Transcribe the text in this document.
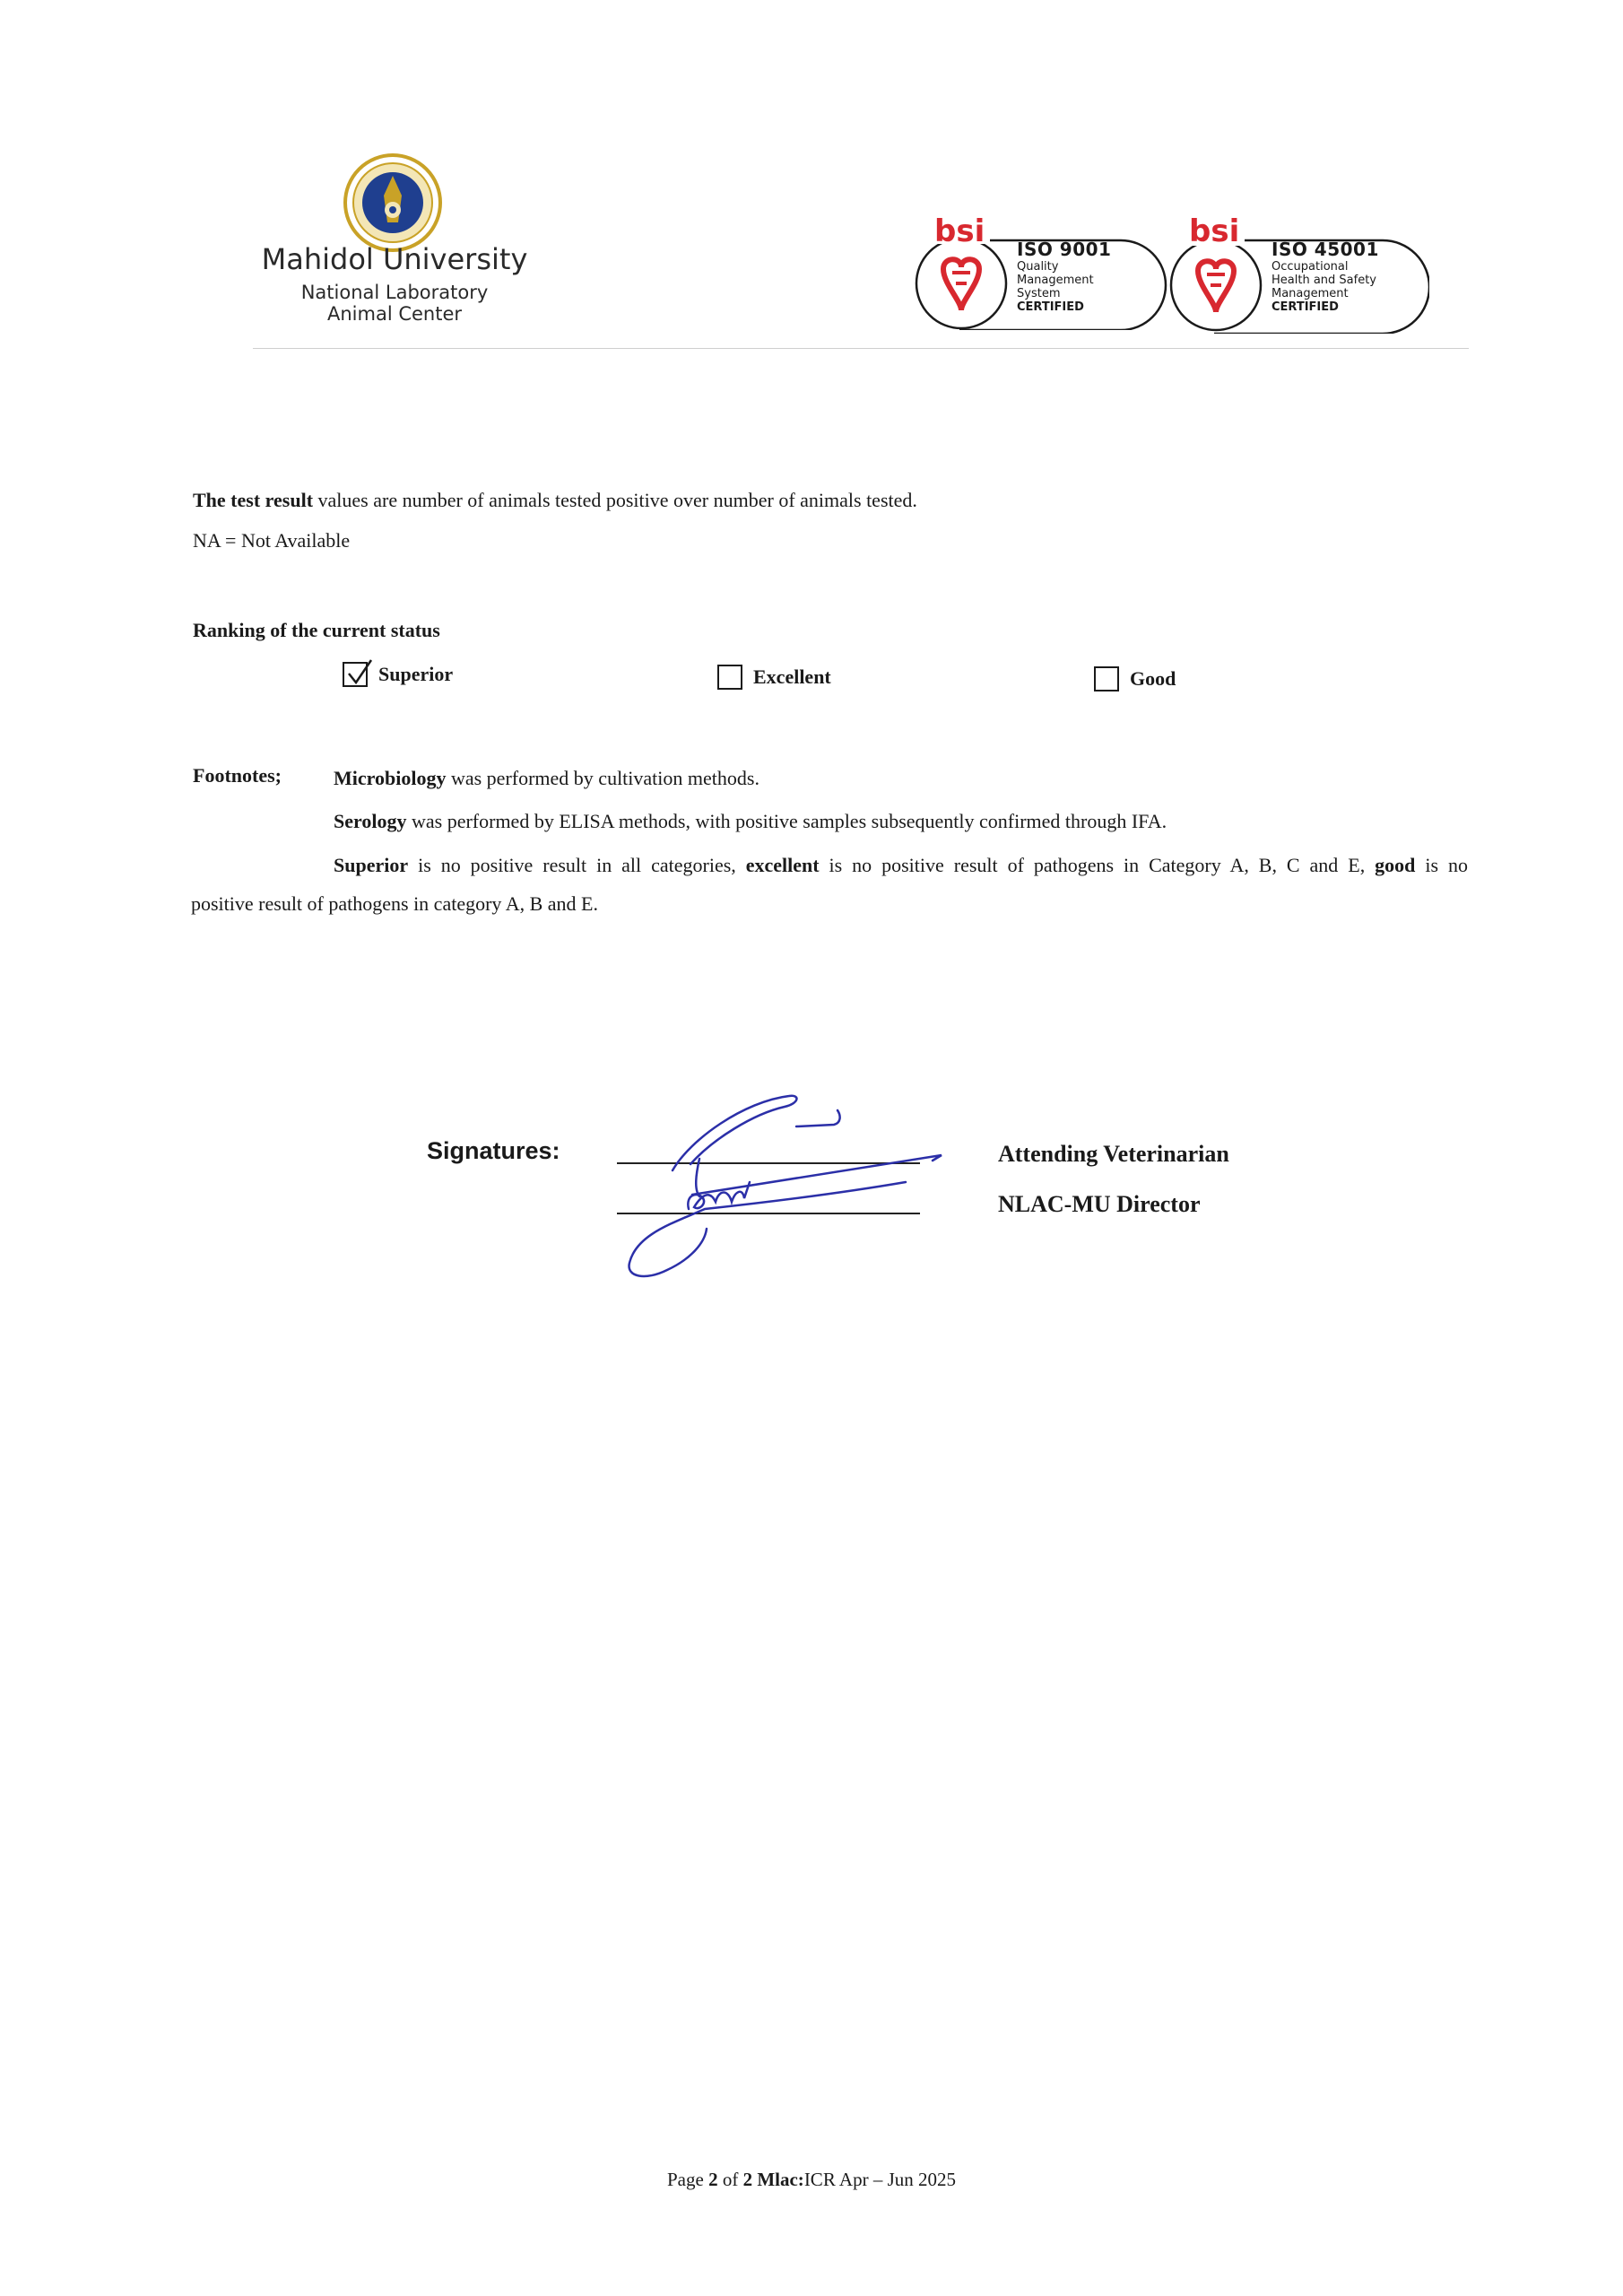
Mahidol University
National Laboratory
Animal Center
bsi ISO 9001
Quality
Management
System
CERTIFIED
bsi ISO 45001
Occupational
Health and Safety
Management
CERTIFIED
The test result values are number of animals tested positive over number of animals tested.
NA = Not Available
Ranking of the current status
Superior	Excellent	Good
Footnotes;	Microbiology was performed by cultivation methods.
Serology was performed by ELISA methods, with positive samples subsequently confirmed through IFA.
Superior is no positive result in all categories, excellent is no positive result of pathogens in Category A, B, C and E, good is no
positive result of pathogens in category A, B and E.
Signatures:	Attending Veterinarian
NLAC-MU Director
Page 2 of 2 Mlac:ICR Apr – Jun 2025
